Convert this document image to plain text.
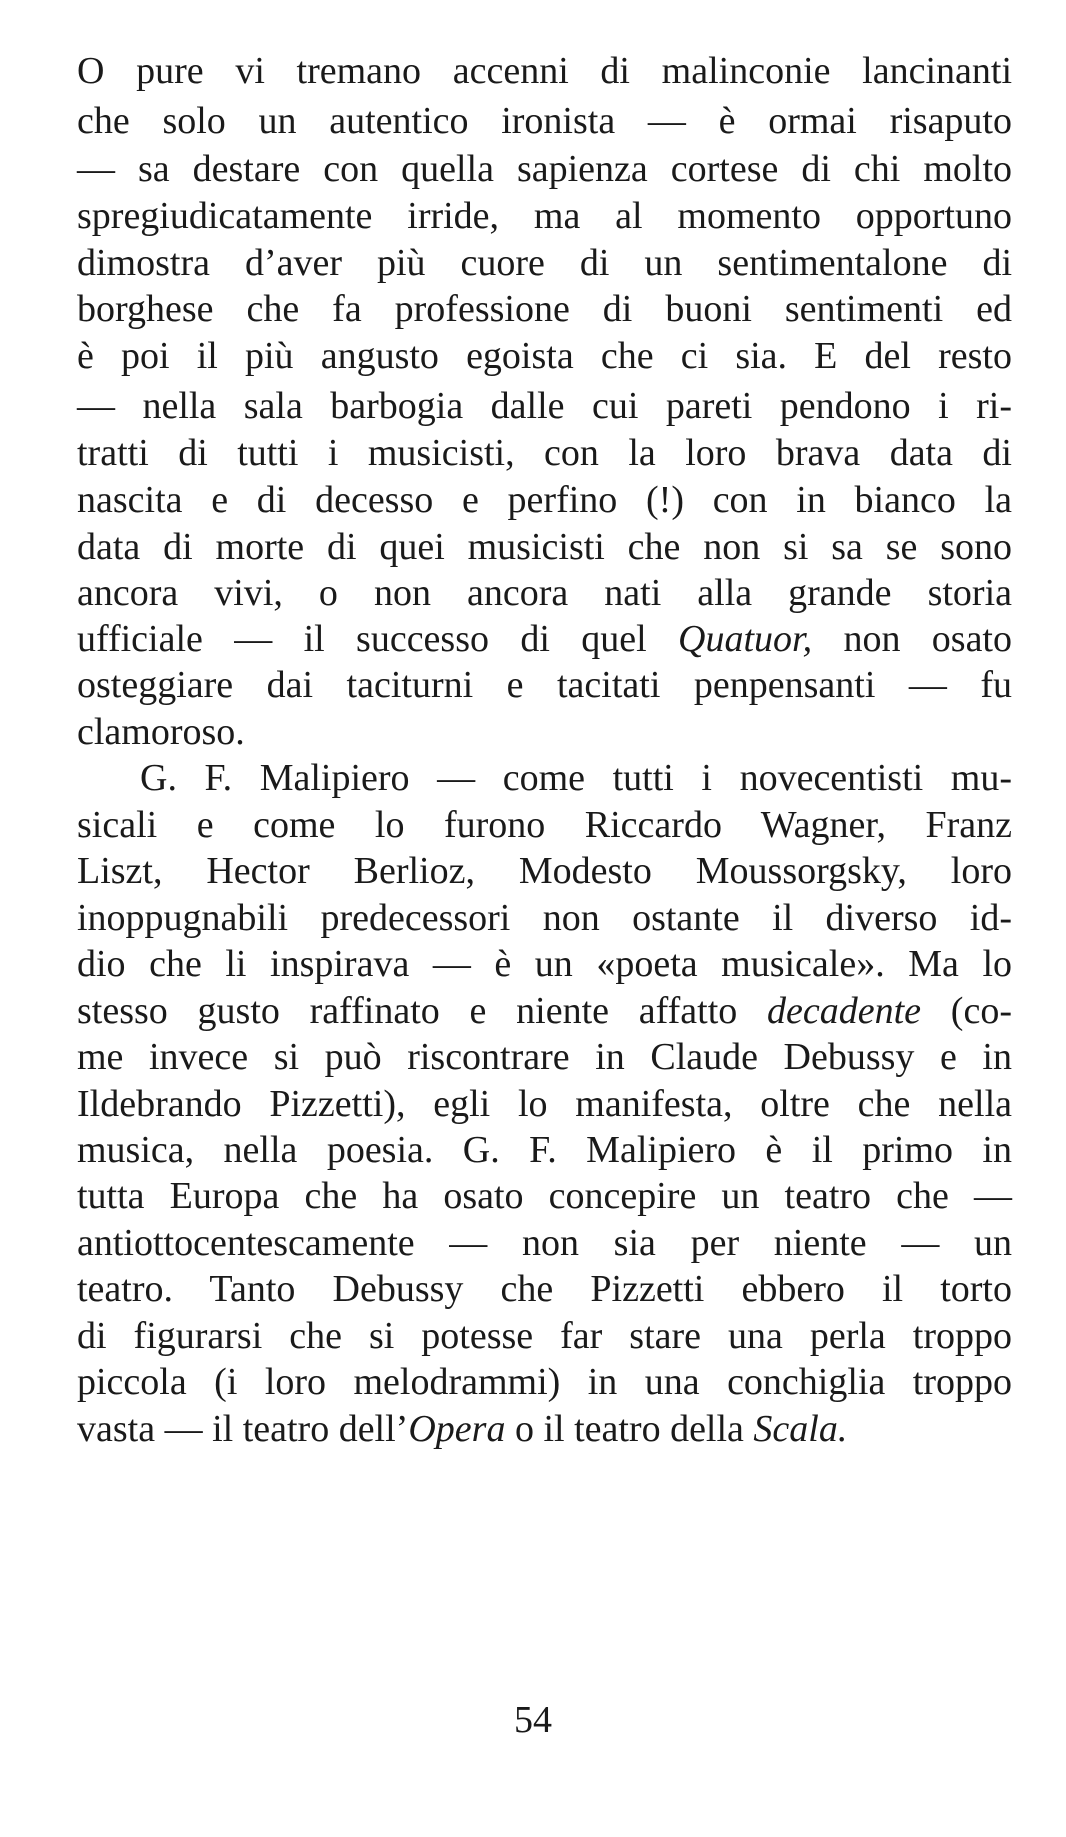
O pure vi tremano accenni di malinconie lancinanti
che solo un autentico ironista — è ormai risaputo
— sa destare con quella sapienza cortese di chi molto
spregiudicatamente irride, ma al momento opportuno
dimostra d’aver più cuore di un sentimentalone di
borghese che fa professione di buoni sentimenti ed
è poi il più angusto egoista che ci sia. E del resto
— nella sala barbogia dalle cui pareti pendono i ri-
tratti di tutti i musicisti, con la loro brava data di
nascita e di decesso e perfino (!) con in bianco la
data di morte di quei musicisti che non si sa se sono
ancora vivi, o non ancora nati alla grande storia
ufficiale — il successo di quel Quatuor, non osato
osteggiare dai taciturni e tacitati penpensanti — fu
clamoroso.
G. F. Malipiero — come tutti i novecentisti mu-
sicali e come lo furono Riccardo Wagner, Franz
Liszt, Hector Berlioz, Modesto Moussorgsky, loro
inoppugnabili predecessori non ostante il diverso id-
dio che li inspirava — è un «poeta musicale». Ma lo
stesso gusto raffinato e niente affatto decadente (co-
me invece si può riscontrare in Claude Debussy e in
Ildebrando Pizzetti), egli lo manifesta, oltre che nella
musica, nella poesia. G. F. Malipiero è il primo in
tutta Europa che ha osato concepire un teatro che —
antiottocentescamente — non sia per niente — un
teatro. Tanto Debussy che Pizzetti ebbero il torto
di figurarsi che si potesse far stare una perla troppo
piccola (i loro melodrammi) in una conchiglia troppo
vasta — il teatro dell’Opera o il teatro della Scala.
54
